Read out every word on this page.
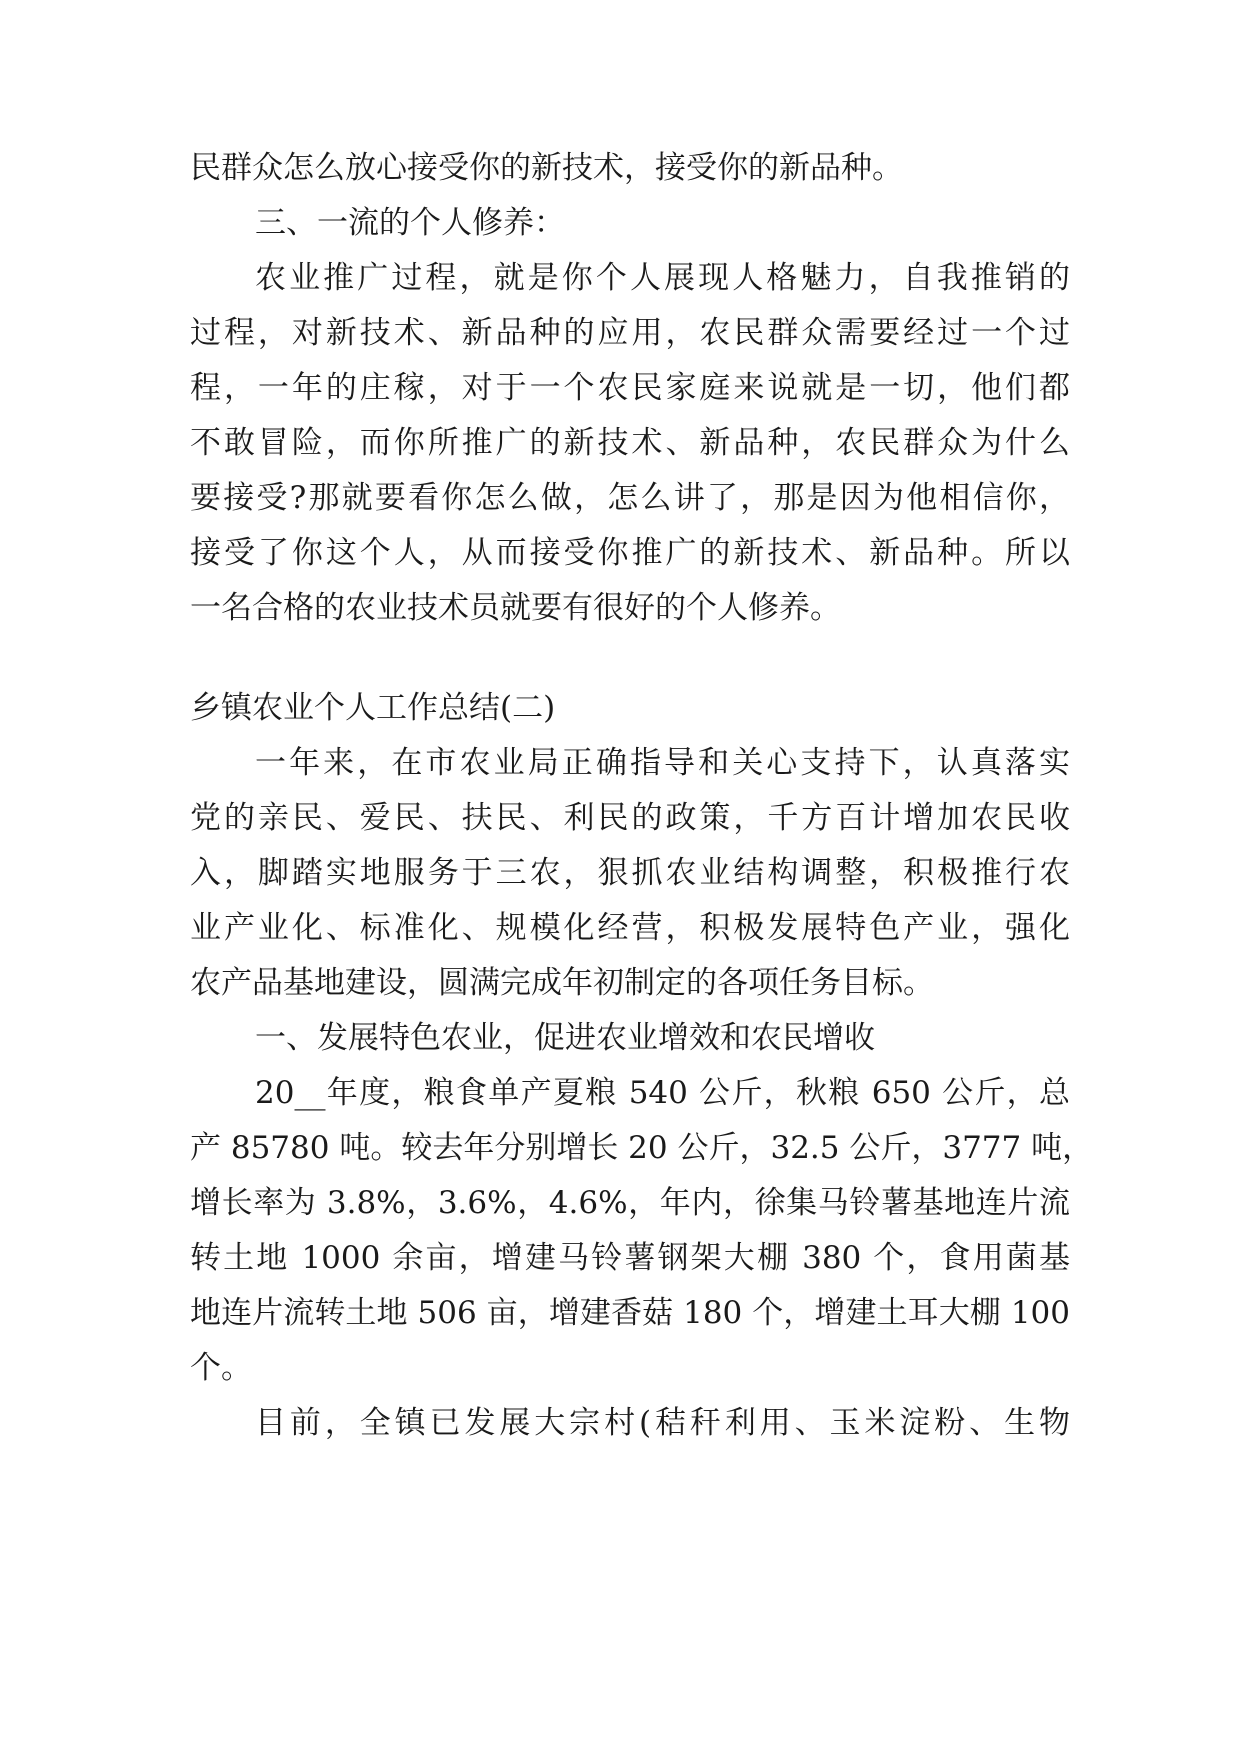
民群众怎么放心接受你的新技术，接受你的新品种。
三、一流的个人修养：
农业推广过程，就是你个人展现人格魅力，自我推销的
过程，对新技术、新品种的应用，农民群众需要经过一个过
程，一年的庄稼，对于一个农民家庭来说就是一切，他们都
不敢冒险，而你所推广的新技术、新品种，农民群众为什么
要接受?那就要看你怎么做，怎么讲了，那是因为他相信你，
接受了你这个人，从而接受你推广的新技术、新品种。所以
一名合格的农业技术员就要有很好的个人修养。
乡镇农业个人工作总结(二)
一年来，在市农业局正确指导和关心支持下，认真落实
党的亲民、爱民、扶民、利民的政策，千方百计增加农民收
入，脚踏实地服务于三农，狠抓农业结构调整，积极推行农
业产业化、标准化、规模化经营，积极发展特色产业，强化
农产品基地建设，圆满完成年初制定的各项任务目标。
一、发展特色农业，促进农业增效和农民增收
20__年度，粮食单产夏粮 540 公斤，秋粮 650 公斤，总
产 85780 吨。较去年分别增长 20 公斤，32.5 公斤，3777 吨，
增长率为 3.8%，3.6%，4.6%，年内，徐集马铃薯基地连片流
转土地 1000 余亩，增建马铃薯钢架大棚 380 个，食用菌基
地连片流转土地 506 亩，增建香菇 180 个，增建土耳大棚 100
个。
目前，全镇已发展大宗村(秸秆利用、玉米淀粉、生物
